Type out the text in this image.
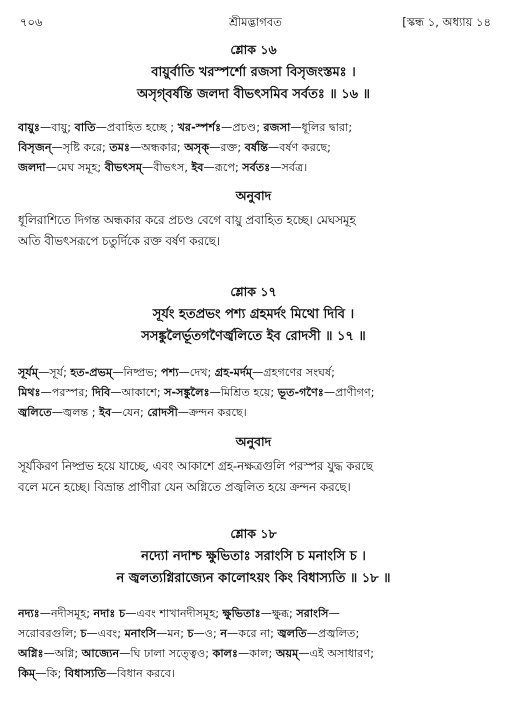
৭০৬	শ্রীমদ্ভাগবত	[স্কন্ধ ১, অধ্যায় ১৪
শ্লোক ১৬
বায়ুর্বাতি খরস্পর্শো রজসা বিসৃজংস্তমঃ ।
অসৃগ্‌বর্ষন্তি জলদা বীভৎসমিব সর্বতঃ ॥ ১৬ ॥
বায়ুঃ—বায়ু; বাতি—প্রবাহিত হচ্ছে ; খর-স্পর্শঃ—প্রচণ্ড; রজসা—ধূলির দ্বারা;
বিসৃজন্—সৃষ্টি করে; তমঃ—অন্ধকার; অসৃক্—রক্ত; বর্ষন্তি—বর্ষণ করছে;
জলদা—মেঘ সমূহ; বীভৎসম্—বীভৎস, ইব—রূপে; সর্বতঃ—সর্বত্র।
অনুবাদ
ধূলিরাশিতে দিগন্ত অন্ধকার করে প্রচণ্ড বেগে বায়ু প্রবাহিত হচ্ছে। মেঘসমূহ
অতি বীভৎসরূপে চতুর্দিকে রক্ত বর্ষণ করছে।
শ্লোক ১৭
সূর্যং হতপ্রভং পশ্য গ্রহমর্দং মিথো দিবি ।
সসঙ্কুলৈর্ভূতগণৈর্জ্বলিতে ইব রোদসী ॥ ১৭ ॥
সূর্যম্—সূর্য; হত-প্রভম্—নিষ্প্রভ; পশ্য—দেখ; গ্রহ-মর্দম্—গ্রহগণের সংঘর্ষ;
মিথঃ—পরস্পর; দিবি—আকাশে; স-সঙ্কুলৈঃ—মিশ্রিত হয়ে; ভূত-গণৈঃ—প্রাণীগণ;
জ্বলিতে—জ্বলন্ত ; ইব—যেন; রোদসী—ক্রন্দন করছে।
অনুবাদ
সূর্যকিরণ নিষ্প্রভ হয়ে যাচ্ছে, এবং আকাশে গ্রহ-নক্ষত্রগুলি পরস্পর যুদ্ধ করছে
বলে মনে হচ্ছে। বিভ্রান্ত প্রাণীরা যেন অগ্নিতে প্রজ্বলিত হয়ে ক্রন্দন করছে।
শ্লোক ১৮
নদ্যো নদাশ্চ ক্ষুভিতাঃ সরাংসি চ মনাংসি চ ।
ন জ্বলত্যগ্নিরাজ্যেন কালোঽয়ং কিং বিধাস্যতি ॥ ১৮ ॥
নদ্যঃ—নদীসমূহ; নদাঃ চ—এবং শাখানদীসমূহ; ক্ষুভিতাঃ—ক্ষুব্ধ; সরাংসি—
সরোবরগুলি; চ—এবং; মনাংসি—মন; চ—ও; ন—করে না; জ্বলতি—প্রজ্বলিত;
অগ্নিঃ—অগ্নি; আজ্যেন—ঘি ঢালা সত্ত্বেও; কালঃ—কাল; অয়ম্—এই অসাধারণ;
কিম্—কি; বিধাস্যতি—বিধান করবে।
